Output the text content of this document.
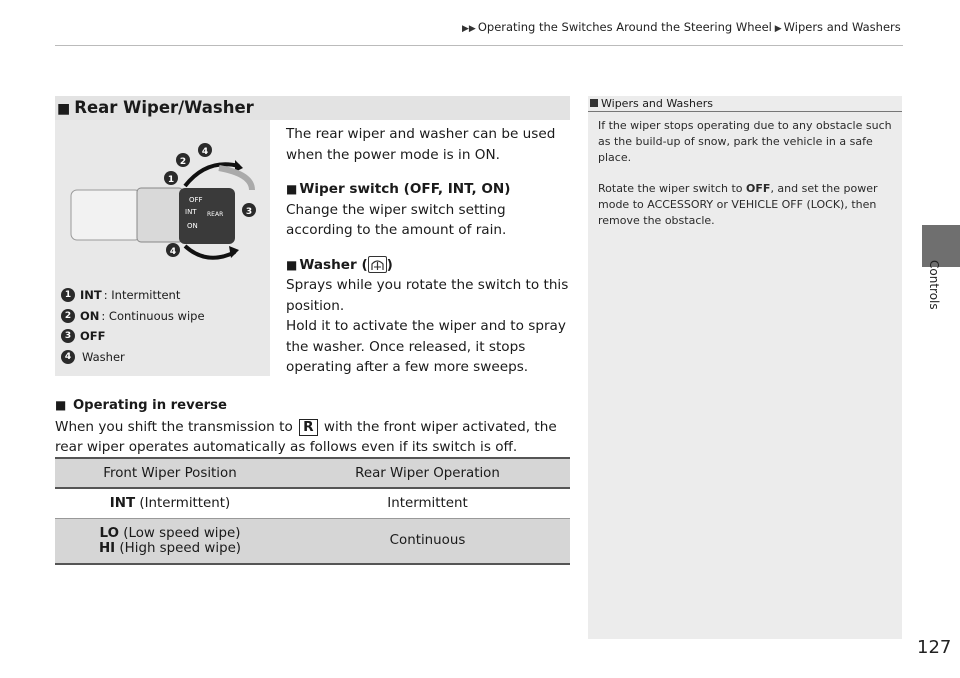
▶▶ Operating the Switches Around the Steering Wheel ▶ Wipers and Washers
Controls
■ Rear Wiper/Washer
OFF
INT
ON
REAR
1
2
3
4
4
1 INT : Intermittent
2 ON : Continuous wipe
3 OFF
4 Washer

The rear wiper and washer can be used when the power mode is in ON.

■ Wiper switch (OFF, INT, ON)

Change the wiper switch setting according to the amount of rain.

■ Washer ( )

Sprays while you rotate the switch to this position.

Hold it to activate the wiper and to spray the washer. Once released, it stops operating after a few more sweeps.

■ Operating in reverse

When you shift the transmission to R with the front wiper activated, the rear wiper operates automatically as follows even if its switch is off.

Front Wiper Position	Rear Wiper Operation
INT (Intermittent)	Intermittent
LO (Low speed wipe)
HI (High speed wipe)	Continuous
Wipers and Washers

If the wiper stops operating due to any obstacle such as the build-up of snow, park the vehicle in a safe place.

Rotate the wiper switch to OFF, and set the power mode to ACCESSORY or VEHICLE OFF (LOCK), then remove the obstacle.

127
